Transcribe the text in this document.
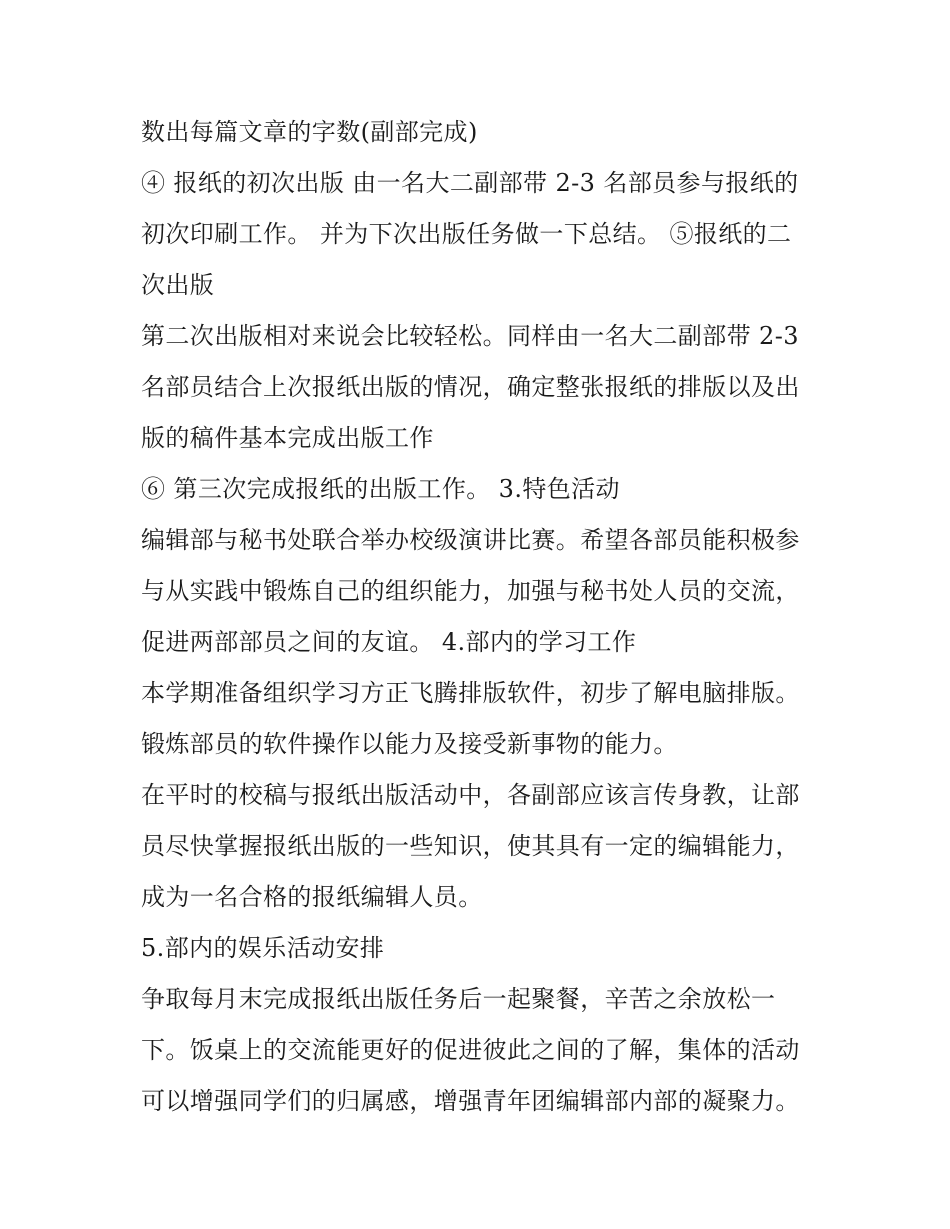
数出每篇文章的字数(副部完成)
④ 报纸的初次出版 由一名大二副部带 2-3 名部员参与报纸的
初次印刷工作。 并为下次出版任务做一下总结。 ⑤报纸的二
次出版
第二次出版相对来说会比较轻松。同样由一名大二副部带 2-3
名部员结合上次报纸出版的情况，确定整张报纸的排版以及出
版的稿件基本完成出版工作
⑥ 第三次完成报纸的出版工作。 3.特色活动
编辑部与秘书处联合举办校级演讲比赛。希望各部员能积极参
与从实践中锻炼自己的组织能力，加强与秘书处人员的交流，
促进两部部员之间的友谊。 4.部内的学习工作
本学期准备组织学习方正飞腾排版软件，初步了解电脑排版。
锻炼部员的软件操作以能力及接受新事物的能力。
在平时的校稿与报纸出版活动中，各副部应该言传身教，让部
员尽快掌握报纸出版的一些知识，使其具有一定的编辑能力，
成为一名合格的报纸编辑人员。
5.部内的娱乐活动安排
争取每月末完成报纸出版任务后一起聚餐，辛苦之余放松一
下。饭桌上的交流能更好的促进彼此之间的了解，集体的活动
可以增强同学们的归属感，增强青年团编辑部内部的凝聚力。
